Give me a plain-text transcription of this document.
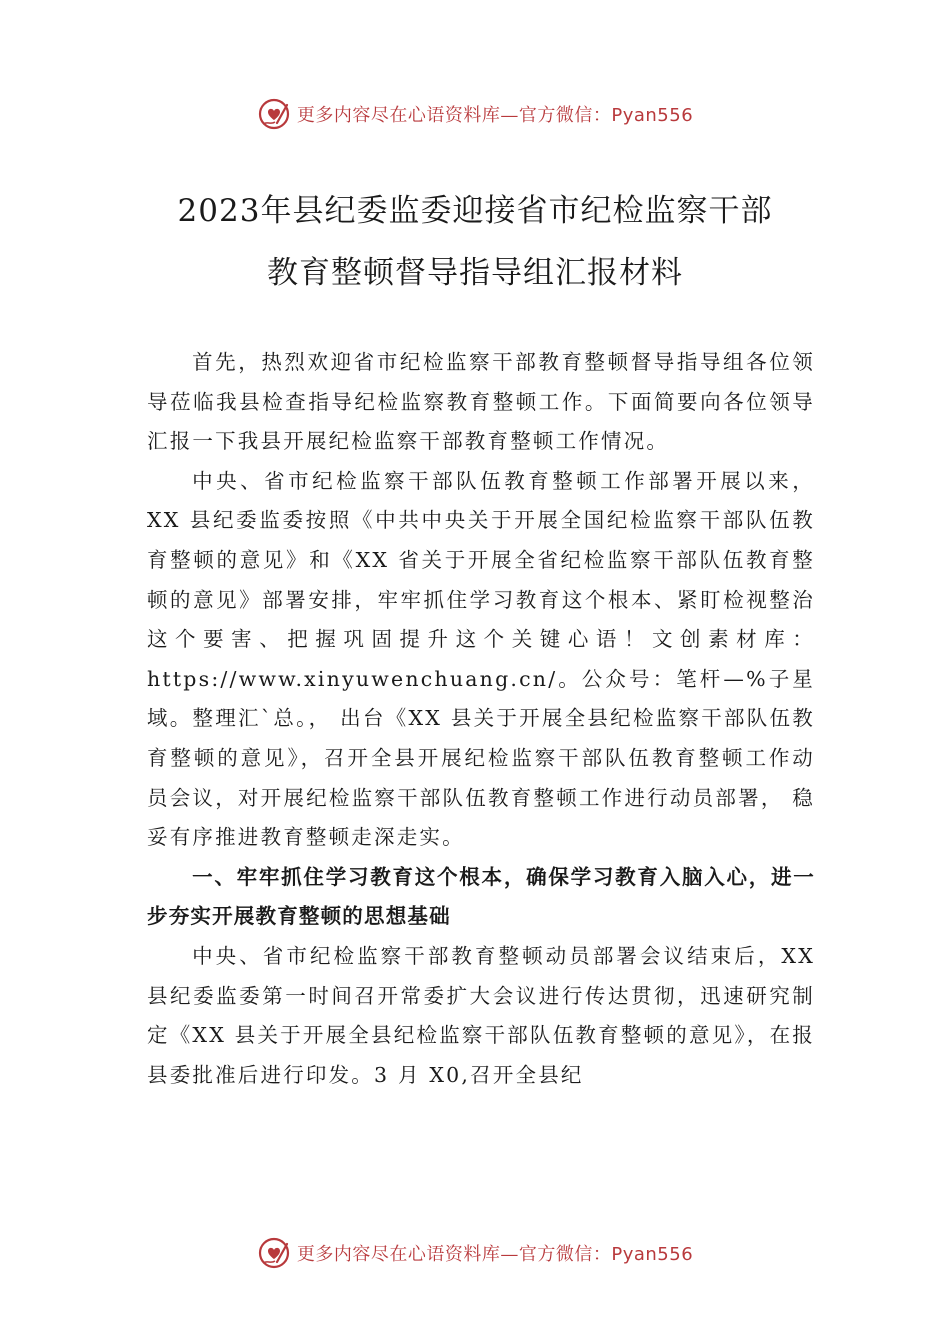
更多内容尽在心语资料库—官方微信：Pyan556
2023年县纪委监委迎接省市纪检监察干部
教育整顿督导指导组汇报材料

首先，热烈欢迎省市纪检监察干部教育整顿督导指导组各位领导莅临我县检查指导纪检监察教育整顿工作。下面简要向各位领导汇报一下我县开展纪检监察干部教育整顿工作情况。

中央、省市纪检监察干部队伍教育整顿工作部署开展以来，XX 县纪委监委按照《中共中央关于开展全国纪检监察干部队伍教育整顿的意见》和《XX 省关于开展全省纪检监察干部队伍教育整顿的意见》部署安排，牢牢抓住学习教育这个根本、紧盯检视整治这个要害、把握巩固提升这个关键心语！文创素材库：https://www.xinyuwenchuang.cn/。公众号：笔杆—%子星域。整理汇`总。， 出台《XX 县关于开展全县纪检监察干部队伍教育整顿的意见》，召开全县开展纪检监察干部队伍教育整顿工作动员会议，对开展纪检监察干部队伍教育整顿工作进行动员部署， 稳妥有序推进教育整顿走深走实。

一、牢牢抓住学习教育这个根本，确保学习教育入脑入心，进一步夯实开展教育整顿的思想基础

中央、省市纪检监察干部教育整顿动员部署会议结束后，XX 县纪委监委第一时间召开常委扩大会议进行传达贯彻，迅速研究制定《XX 县关于开展全县纪检监察干部队伍教育整顿的意见》，在报县委批准后进行印发。3 月 X0,召开全县纪

更多内容尽在心语资料库—官方微信：Pyan556
